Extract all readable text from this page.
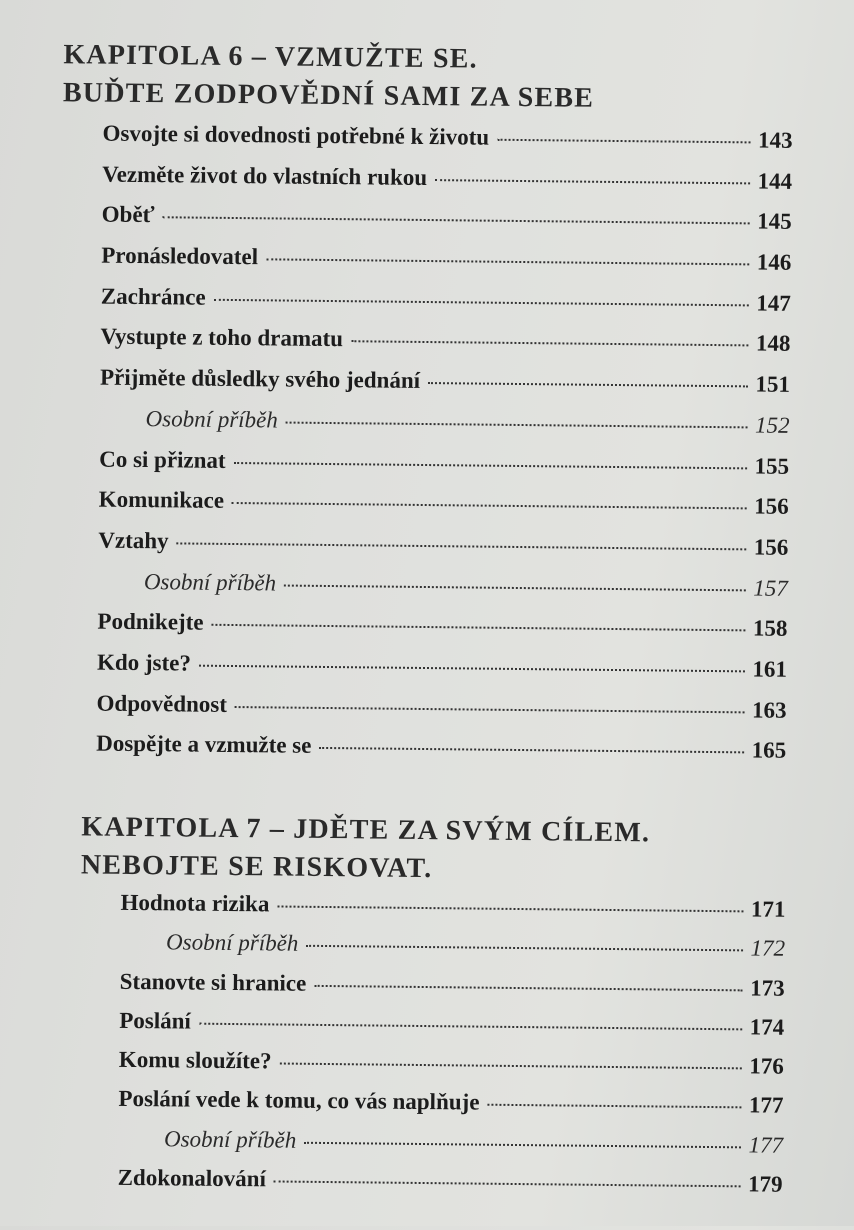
KAPITOLA 6 – VZMUŽTE SE.
BUĎTE ZODPOVĚDNÍ SAMI ZA SEBE
Osvojte si dovednosti potřebné k životu	143
Vezměte život do vlastních rukou	144
Oběť	145
Pronásledovatel	146
Zachránce	147
Vystupte z toho dramatu	148
Přijměte důsledky svého jednání	151
Osobní příběh	152
Co si přiznat	155
Komunikace	156
Vztahy	156
Osobní příběh	157
Podnikejte	158
Kdo jste?	161
Odpovědnost	163
Dospějte a vzmužte se	165
KAPITOLA 7 – JDĚTE ZA SVÝM CÍLEM.
NEBOJTE SE RISKOVAT.
Hodnota rizika	171
Osobní příběh	172
Stanovte si hranice	173
Poslání	174
Komu sloužíte?	176
Poslání vede k tomu, co vás naplňuje	177
Osobní příběh	177
Zdokonalování	179
